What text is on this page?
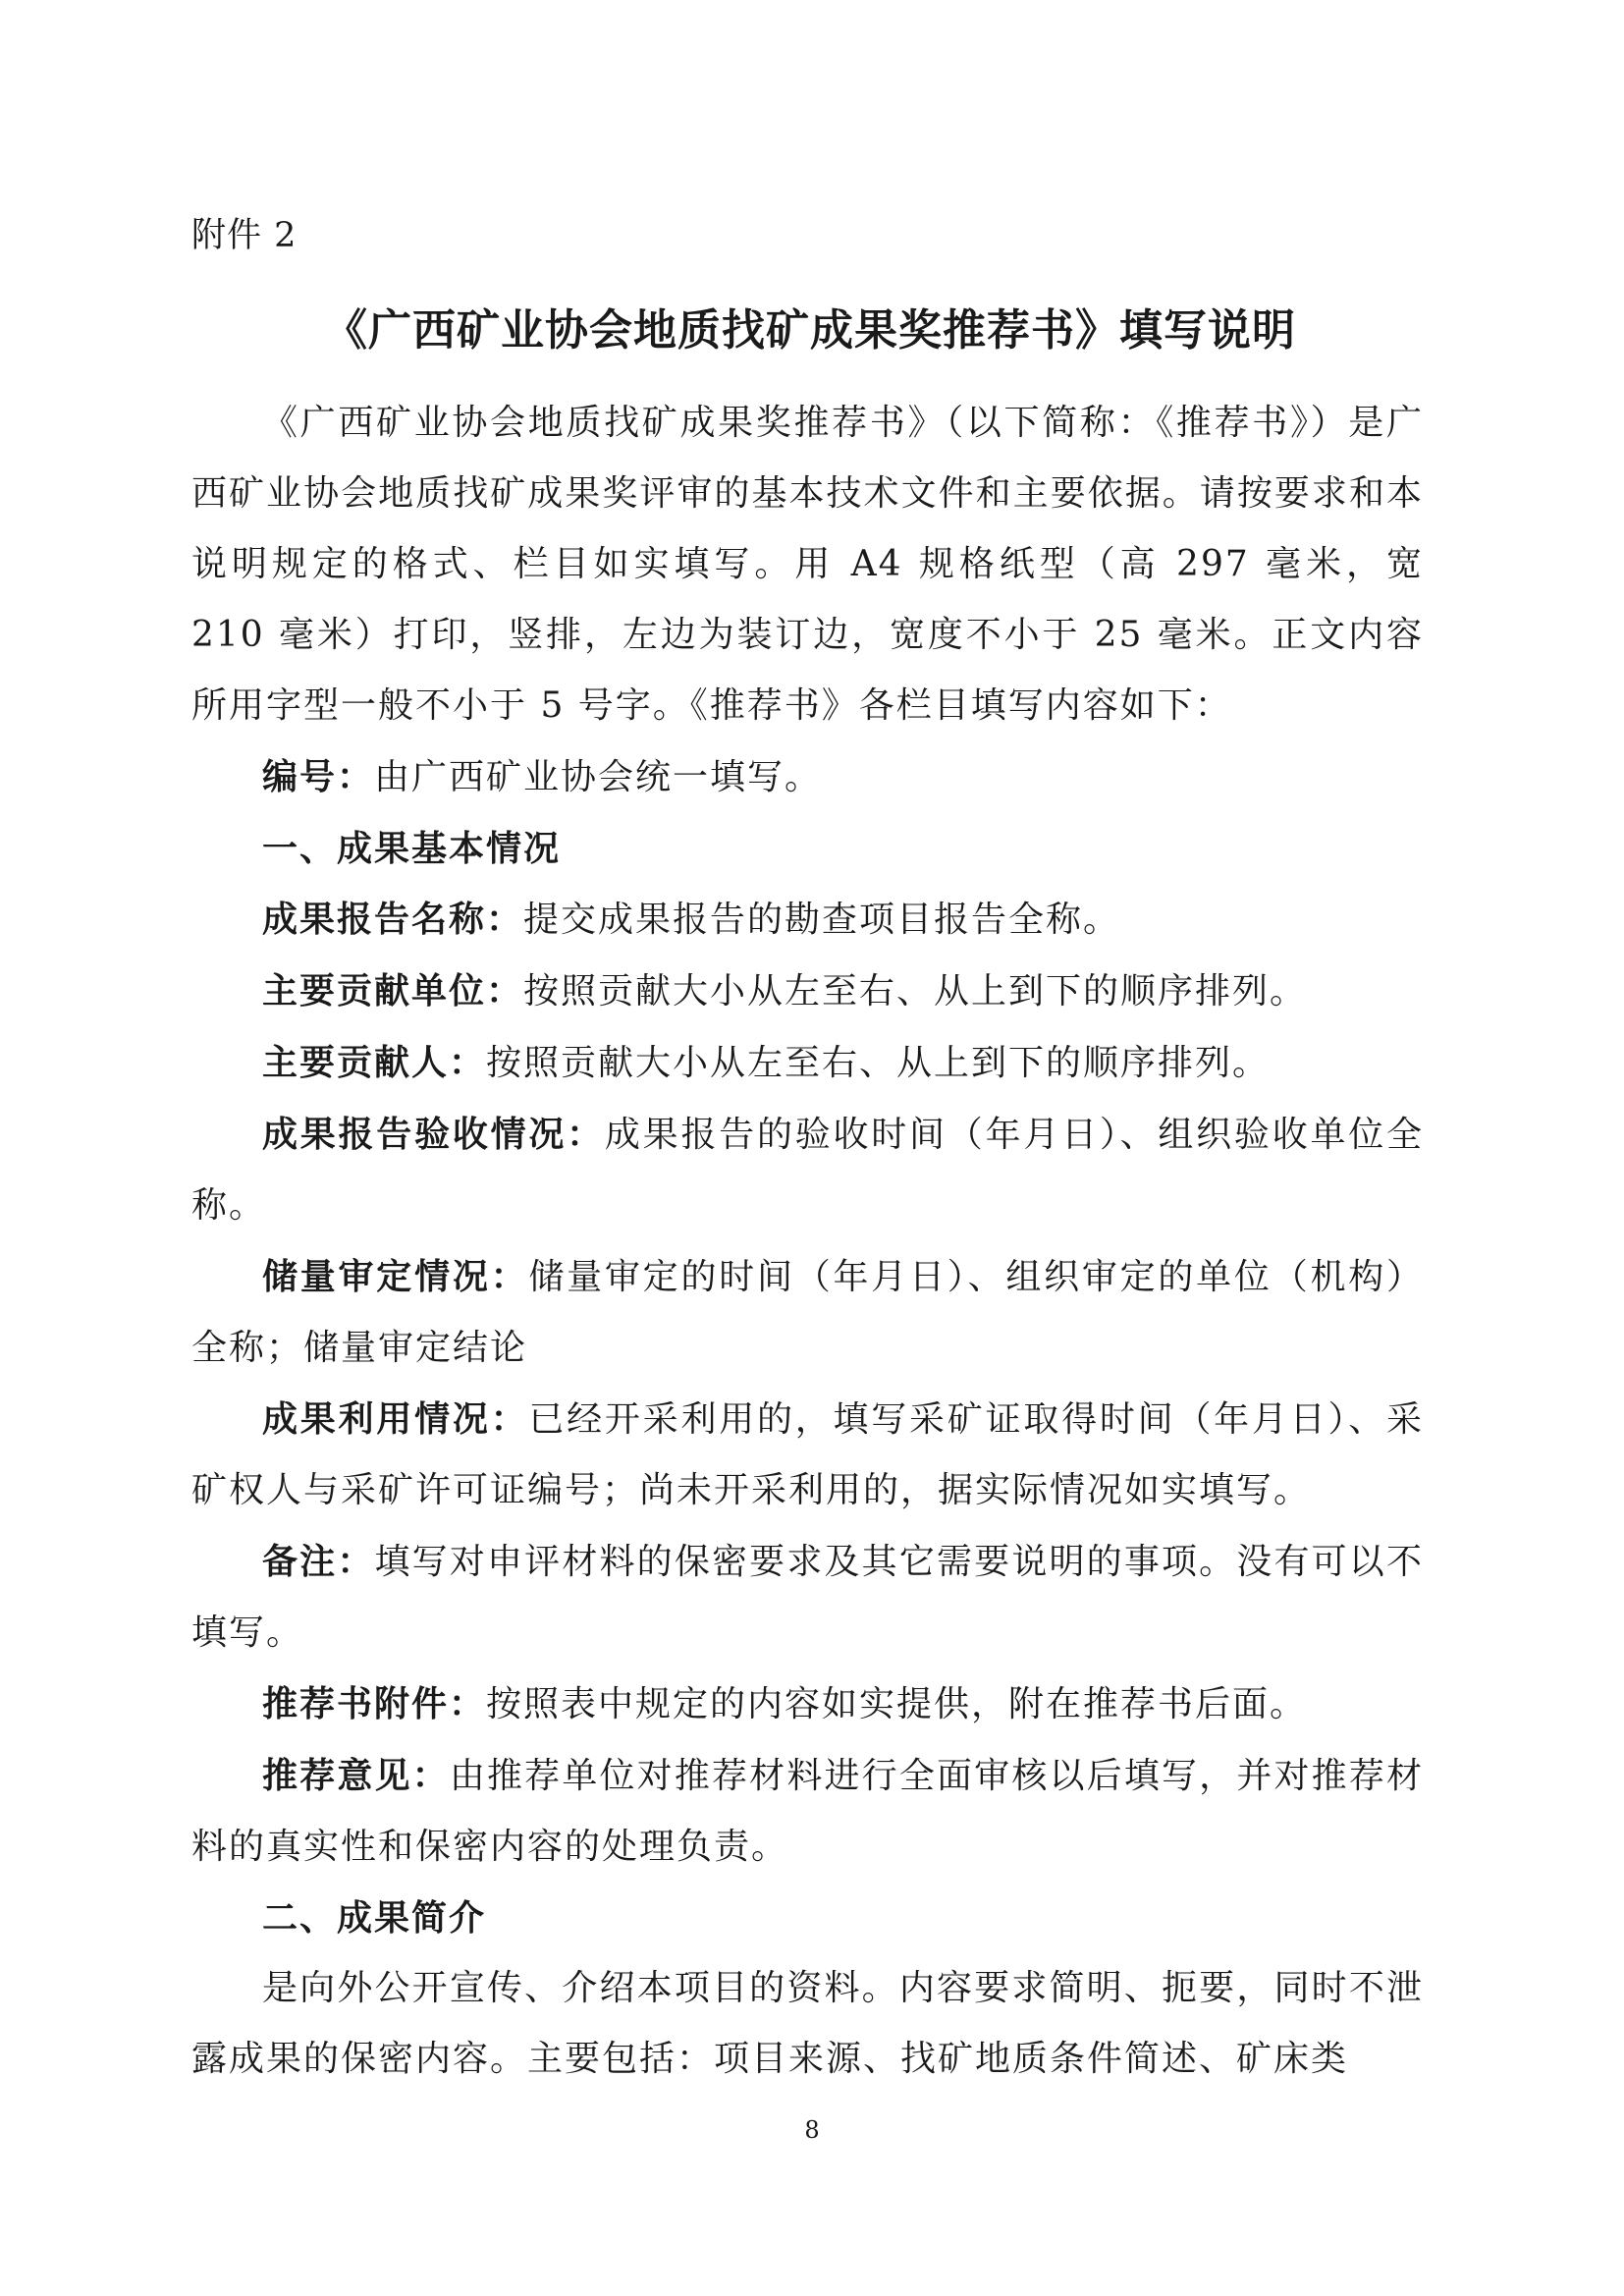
附件 2

《广西矿业协会地质找矿成果奖推荐书》填写说明

《广西矿业协会地质找矿成果奖推荐书》（以下简称：《推荐书》）是广西矿业协会地质找矿成果奖评审的基本技术文件和主要依据。请按要求和本说明规定的格式、栏目如实填写。用 A4 规格纸型（高 297 毫米，宽 210 毫米）打印，竖排，左边为装订边，宽度不小于 25 毫米。正文内容所用字型一般不小于 5 号字。《推荐书》各栏目填写内容如下：

编号：由广西矿业协会统一填写。

一、成果基本情况

成果报告名称：提交成果报告的勘查项目报告全称。

主要贡献单位：按照贡献大小从左至右、从上到下的顺序排列。

主要贡献人：按照贡献大小从左至右、从上到下的顺序排列。

成果报告验收情况：成果报告的验收时间（年月日）、组织验收单位全称。

储量审定情况：储量审定的时间（年月日）、组织审定的单位（机构）全称；储量审定结论

成果利用情况：已经开采利用的，填写采矿证取得时间（年月日）、采矿权人与采矿许可证编号；尚未开采利用的，据实际情况如实填写。

备注：填写对申评材料的保密要求及其它需要说明的事项。没有可以不填写。

推荐书附件：按照表中规定的内容如实提供，附在推荐书后面。

推荐意见：由推荐单位对推荐材料进行全面审核以后填写，并对推荐材料的真实性和保密内容的处理负责。

二、成果简介

是向外公开宣传、介绍本项目的资料。内容要求简明、扼要，同时不泄露成果的保密内容。主要包括：项目来源、找矿地质条件简述、矿床类

8
